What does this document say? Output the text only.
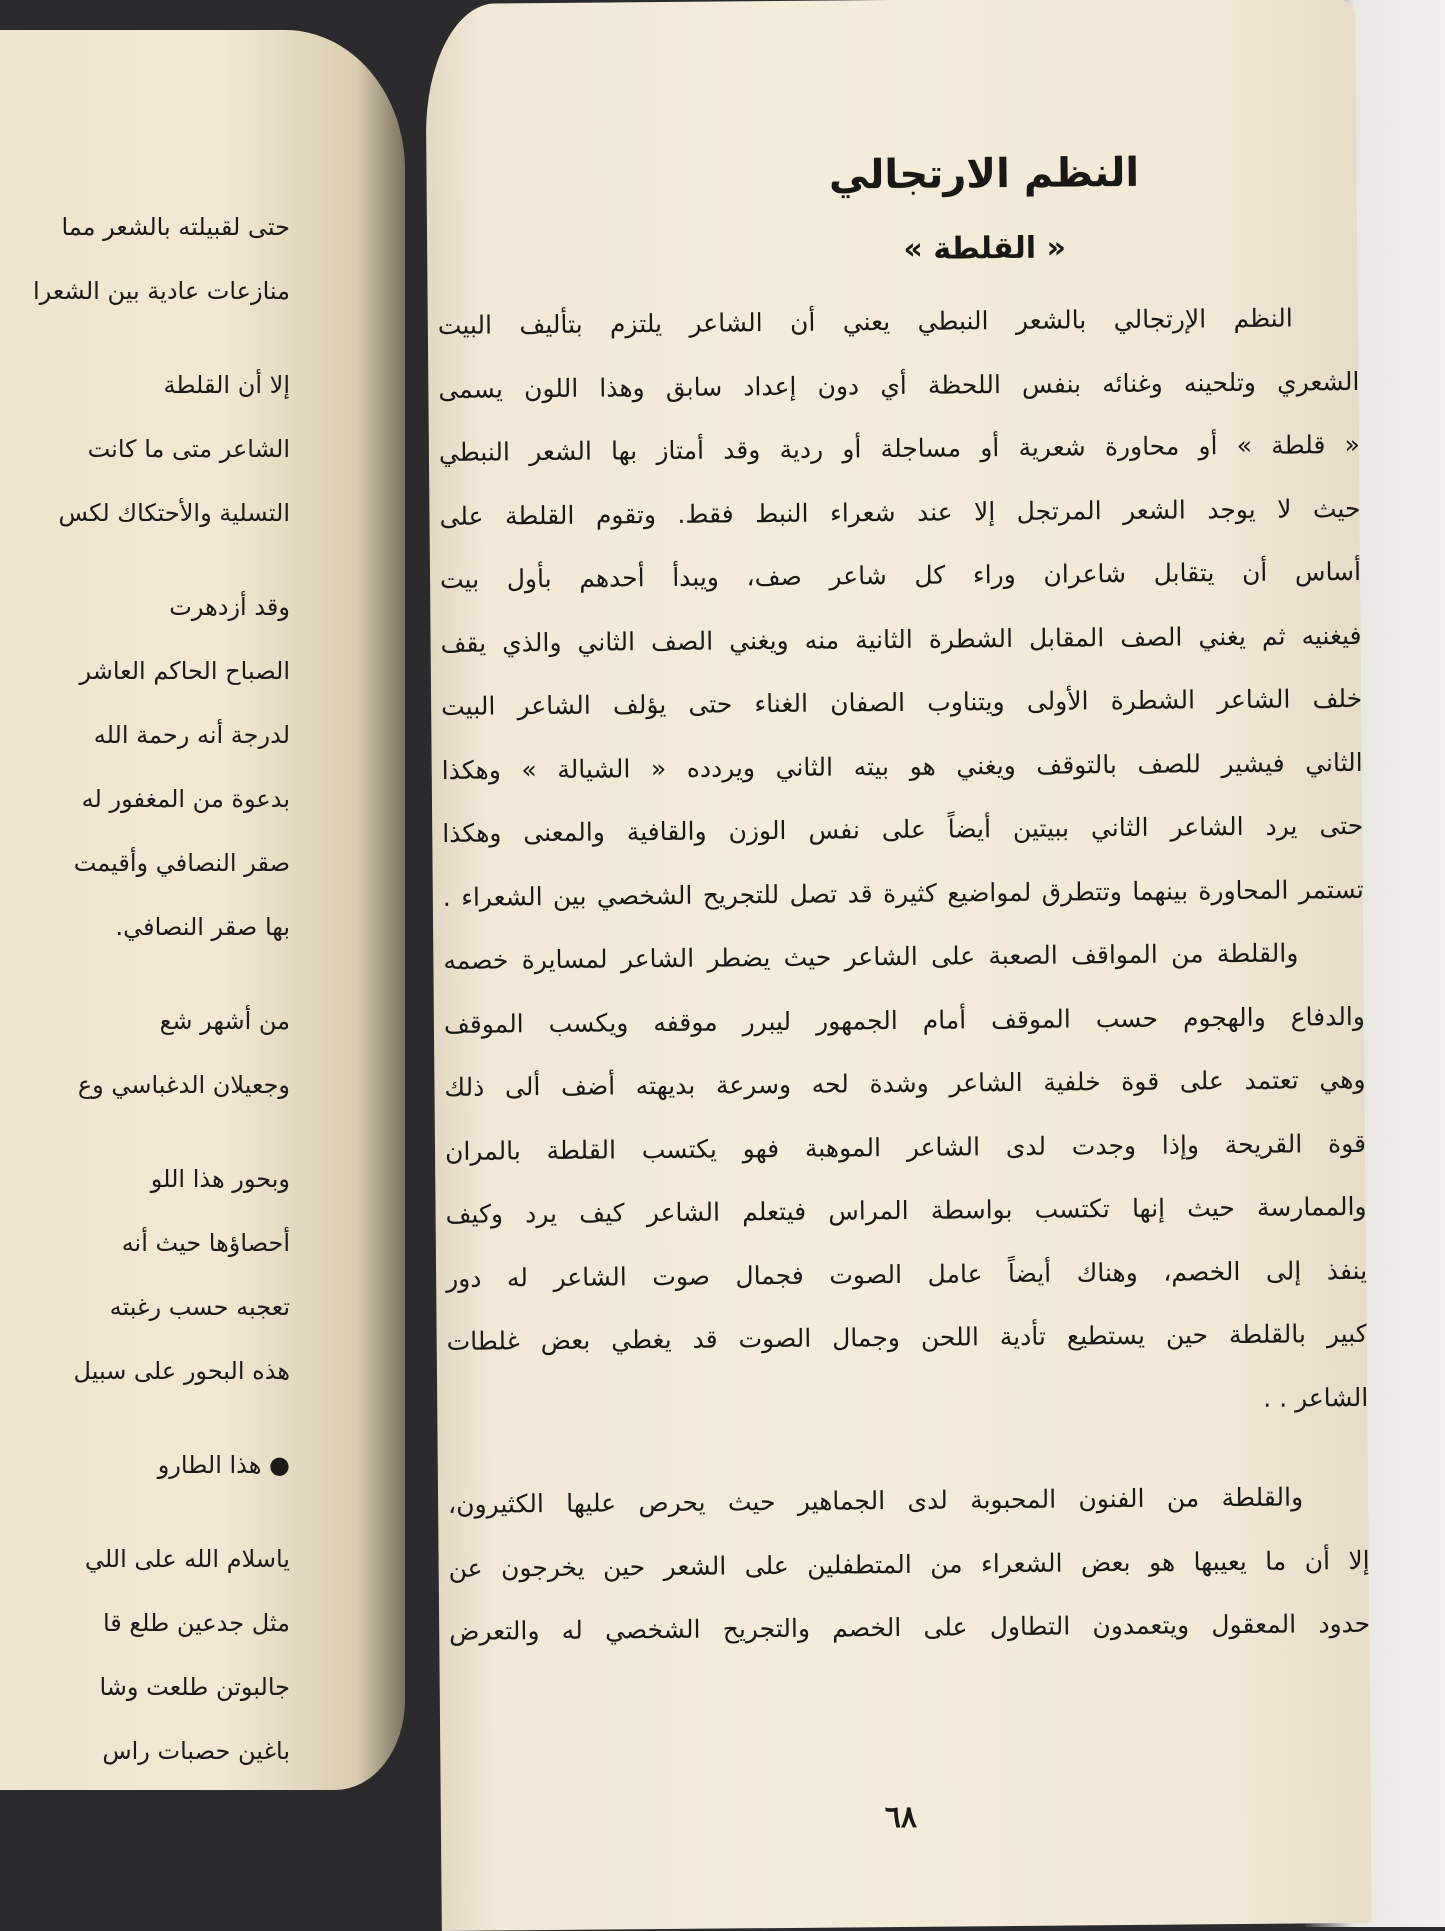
حتى لقبيلته بالشعر مما
منازعات عادية بين الشعرا
إلا أن القلطة
الشاعر متى ما كانت
التسلية والأحتكاك لكس
وقد أزدهرت
الصباح الحاكم العاشر
لدرجة أنه رحمة الله
بدعوة من المغفور له
صقر النصافي وأقيمت
بها صقر النصافي.
من أشهر شع
وجعيلان الدغباسي وع
وبحور هذا اللو
أحصاؤها حيث أنه
تعجبه حسب رغبته
هذه البحور على سبيل
● هذا الطارو
ياسلام الله على اللي
مثل جدعين طلع قا
جالبوتن طلعت وشا
باغين حصبات راس
النظم الارتجالي
« القلطة »
النظم الإرتجالي بالشعر النبطي يعني أن الشاعر يلتزم بتأليف البيت
الشعري وتلحينه وغنائه بنفس اللحظة أي دون إعداد سابق وهذا اللون يسمى
« قلطة » أو محاورة شعرية أو مساجلة أو ردية وقد أمتاز بها الشعر النبطي
حيث لا يوجد الشعر المرتجل إلا عند شعراء النبط فقط. وتقوم القلطة على
أساس أن يتقابل شاعران وراء كل شاعر صف، ويبدأ أحدهم بأول بيت
فيغنيه ثم يغني الصف المقابل الشطرة الثانية منه ويغني الصف الثاني والذي يقف
خلف الشاعر الشطرة الأولى ويتناوب الصفان الغناء حتى يؤلف الشاعر البيت
الثاني فيشير للصف بالتوقف ويغني هو بيته الثاني ويردده « الشيالة » وهكذا
حتى يرد الشاعر الثاني ببيتين أيضاً على نفس الوزن والقافية والمعنى وهكذا
تستمر المحاورة بينهما وتتطرق لمواضيع كثيرة قد تصل للتجريح الشخصي بين الشعراء .
والقلطة من المواقف الصعبة على الشاعر حيث يضطر الشاعر لمسايرة خصمه
والدفاع والهجوم حسب الموقف أمام الجمهور ليبرر موقفه ويكسب الموقف
وهي تعتمد على قوة خلفية الشاعر وشدة لحه وسرعة بديهته أضف ألى ذلك
قوة القريحة وإذا وجدت لدى الشاعر الموهبة فهو يكتسب القلطة بالمران
والممارسة حيث إنها تكتسب بواسطة المراس فيتعلم الشاعر كيف يرد وكيف
ينفذ إلى الخصم، وهناك أيضاً عامل الصوت فجمال صوت الشاعر له دور
كبير بالقلطة حين يستطيع تأدية اللحن وجمال الصوت قد يغطي بعض غلطات
الشاعر . .
والقلطة من الفنون المحبوبة لدى الجماهير حيث يحرص عليها الكثيرون،
إلا أن ما يعيبها هو بعض الشعراء من المتطفلين على الشعر حين يخرجون عن
حدود المعقول ويتعمدون التطاول على الخصم والتجريح الشخصي له والتعرض
٦٨
